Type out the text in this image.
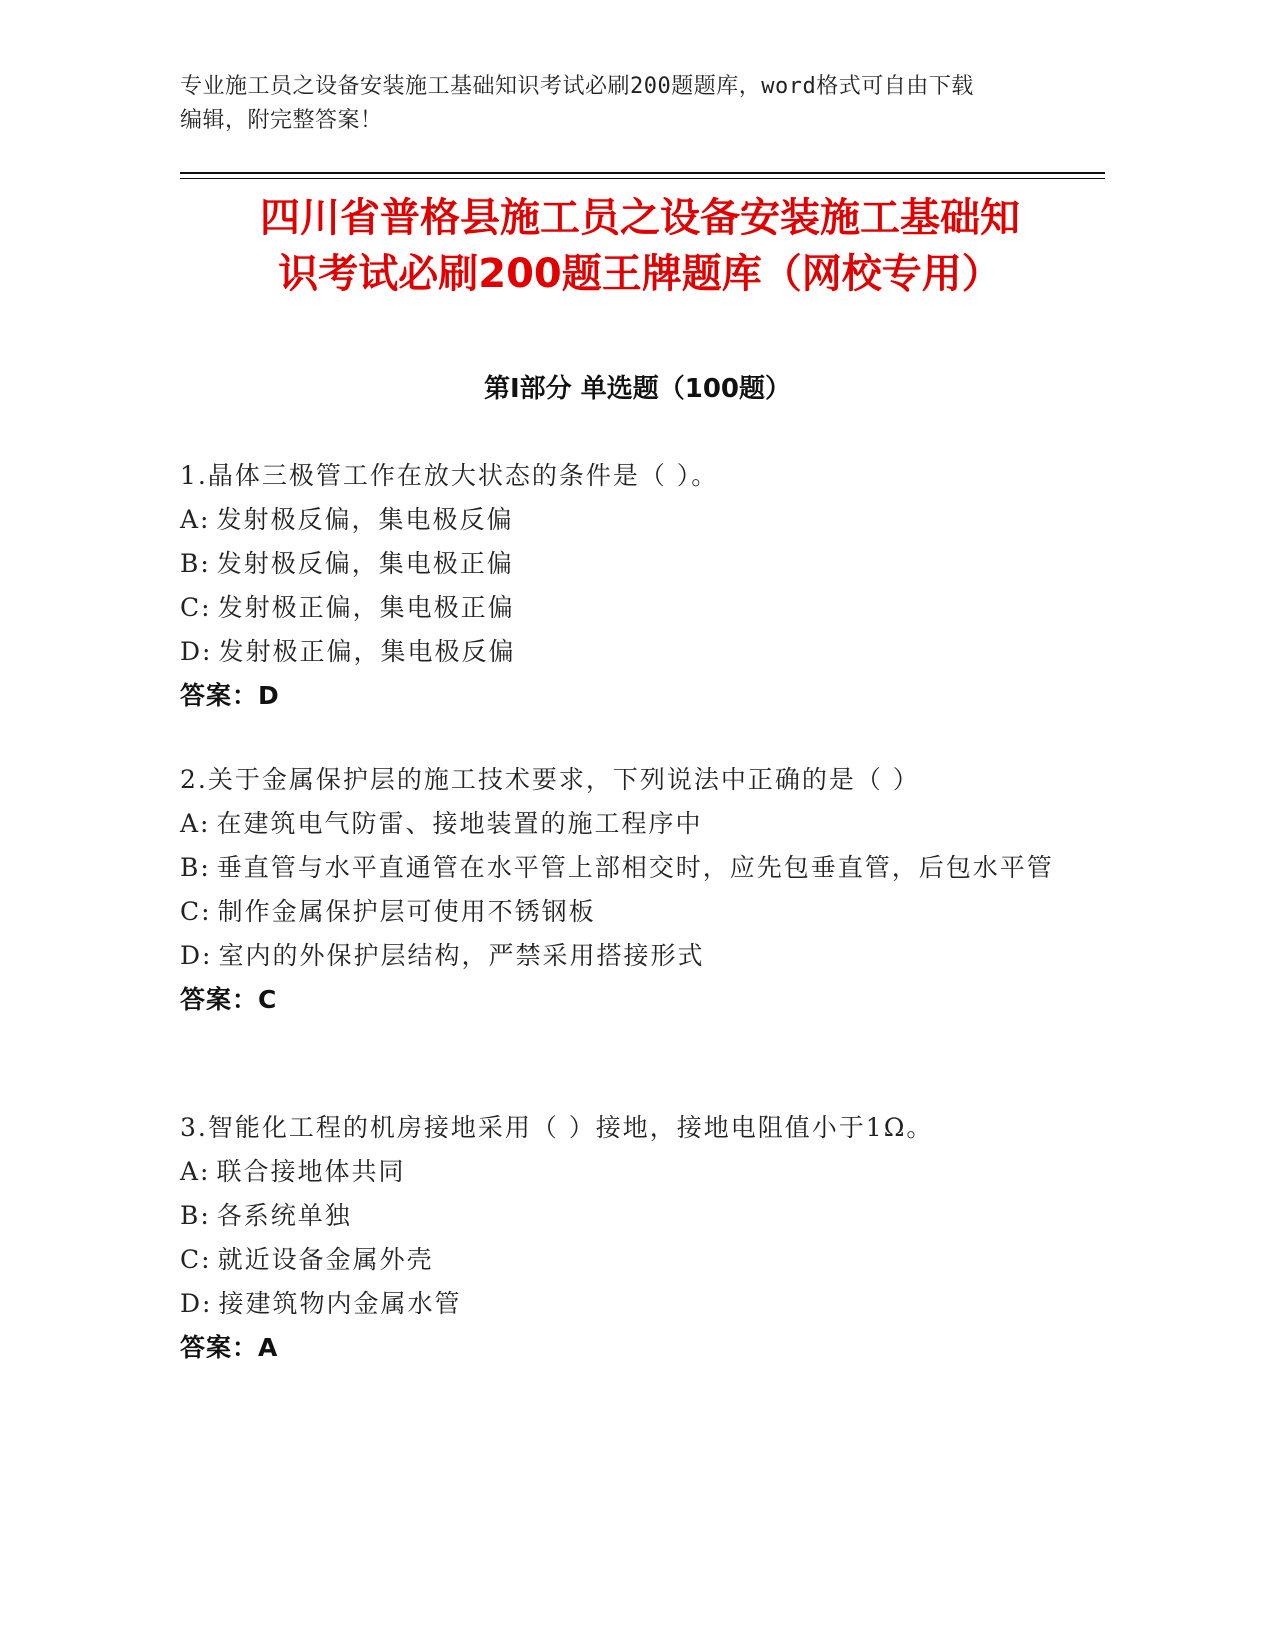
专业施工员之设备安装施工基础知识考试必刷200题题库，word格式可自由下载
编辑，附完整答案！
四川省普格县施工员之设备安装施工基础知
识考试必刷200题王牌题库（网校专用）
第Ⅰ部分 单选题（100题）
1.晶体三极管工作在放大状态的条件是（ ）。
A: 发射极反偏，集电极反偏
B: 发射极反偏，集电极正偏
C: 发射极正偏，集电极正偏
D: 发射极正偏，集电极反偏
答案：D
2.关于金属保护层的施工技术要求，下列说法中正确的是（ ）
A: 在建筑电气防雷、接地装置的施工程序中
B: 垂直管与水平直通管在水平管上部相交时，应先包垂直管，后包水平管
C: 制作金属保护层可使用不锈钢板
D: 室内的外保护层结构，严禁采用搭接形式
答案：C
3.智能化工程的机房接地采用（ ）接地，接地电阻值小于1Ω。
A: 联合接地体共同
B: 各系统单独
C: 就近设备金属外壳
D: 接建筑物内金属水管
答案：A
